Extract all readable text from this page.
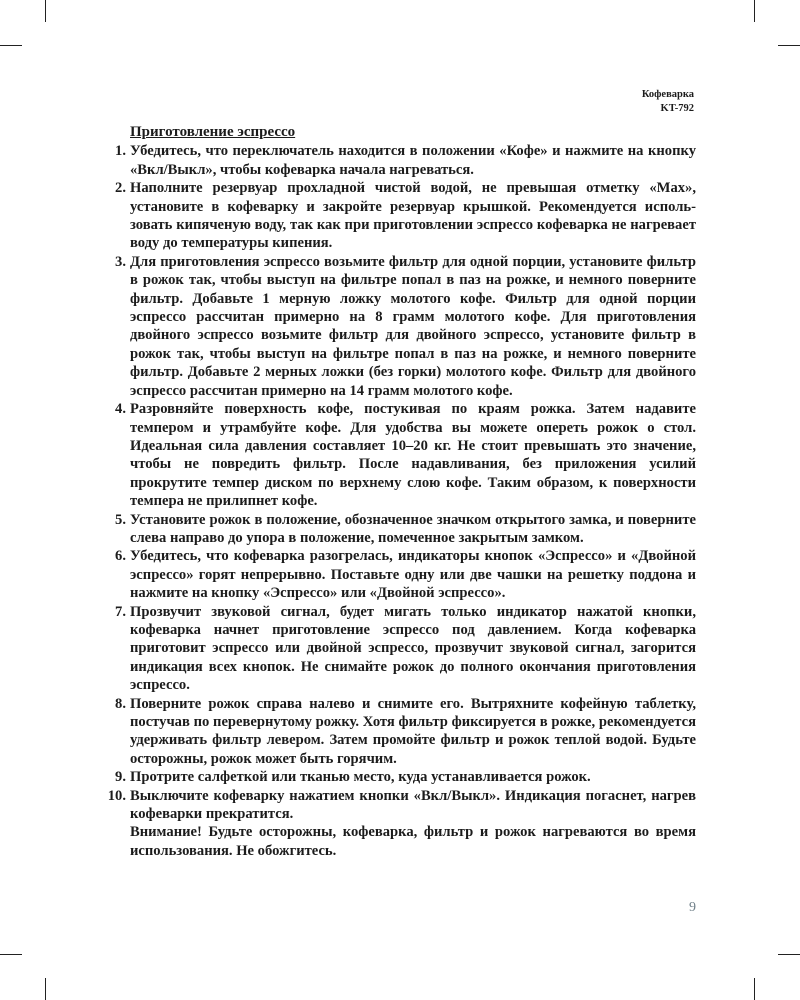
Кофеварка
KT-792
Приготовление эспрессо
1. Убедитесь, что переключатель находится в положении «Кофе» и нажмите на кнопку «Вкл/Выкл», чтобы кофеварка начала нагреваться.
2. Наполните резервуар прохладной чистой водой, не превышая отметку «Max», установите в кофеварку и закройте резервуар крышкой. Рекомендуется использовать кипяченую воду, так как при приготовлении эспрессо кофеварка не нагревает воду до температуры кипения.
3. Для приготовления эспрессо возьмите фильтр для одной порции, установите фильтр в рожок так, чтобы выступ на фильтре попал в паз на рожке, и немного поверните фильтр. Добавьте 1 мерную ложку молотого кофе. Фильтр для одной порции эспрессо рассчитан примерно на 8 грамм молотого кофе. Для приготовления двойного эспрессо возьмите фильтр для двойного эспрессо, установите фильтр в рожок так, чтобы выступ на фильтре попал в паз на рожке, и немного поверните фильтр. Добавьте 2 мерных ложки (без горки) молотого кофе. Фильтр для двойного эспрессо рассчитан примерно на 14 грамм молотого кофе.
4. Разровняйте поверхность кофе, постукивая по краям рожка. Затем надавите темпером и утрамбуйте кофе. Для удобства вы можете опереть рожок о стол. Идеальная сила давления составляет 10–20 кг. Не стоит превышать это значение, чтобы не повредить фильтр. После надавливания, без приложения усилий прокрутите темпер диском по верхнему слою кофе. Таким образом, к поверхности темпера не прилипнет кофе.
5. Установите рожок в положение, обозначенное значком открытого замка, и поверните слева направо до упора в положение, помеченное закрытым замком.
6. Убедитесь, что кофеварка разогрелась, индикаторы кнопок «Эспрессо» и «Двойной эспрессо» горят непрерывно. Поставьте одну или две чашки на решетку поддона и нажмите на кнопку «Эспрессо» или «Двойной эспрессо».
7. Прозвучит звуковой сигнал, будет мигать только индикатор нажатой кнопки, кофеварка начнет приготовление эспрессо под давлением. Когда кофеварка приготовит эспрессо или двойной эспрессо, прозвучит звуковой сигнал, загорится индикация всех кнопок. Не снимайте рожок до полного окончания приготовления эспрессо.
8. Поверните рожок справа налево и снимите его. Вытряхните кофейную таблетку, постучав по перевернутому рожку. Хотя фильтр фиксируется в рожке, рекомендуется удерживать фильтр левером. Затем промойте фильтр и рожок теплой водой. Будьте осторожны, рожок может быть горячим.
9. Протрите салфеткой или тканью место, куда устанавливается рожок.
10. Выключите кофеварку нажатием кнопки «Вкл/Выкл». Индикация погаснет, нагрев кофеварки прекратится.
Внимание! Будьте осторожны, кофеварка, фильтр и рожок нагреваются во время использования. Не обожгитесь.
9
